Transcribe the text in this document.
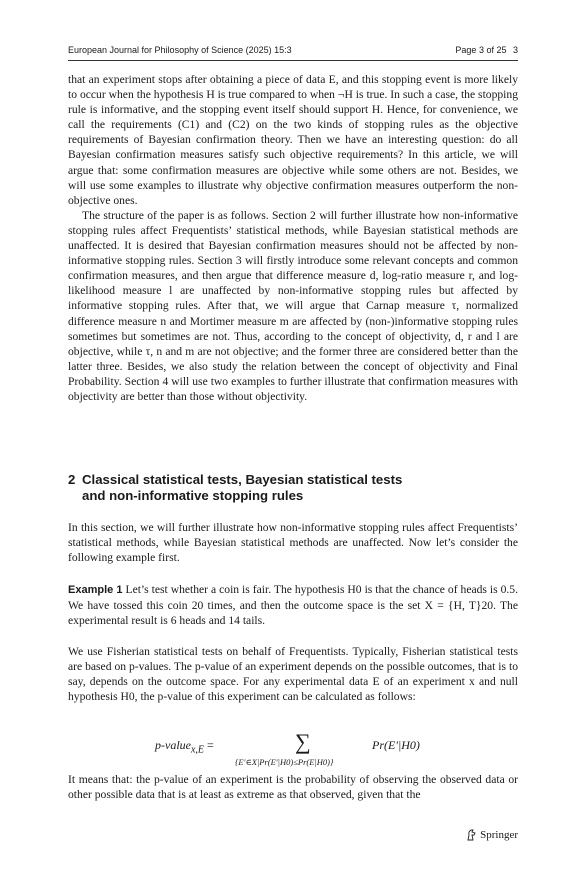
European Journal for Philosophy of Science (2025) 15:3	Page 3 of 25 3

that an experiment stops after obtaining a piece of data E, and this stopping event is more likely to occur when the hypothesis H is true compared to when ¬H is true. In such a case, the stopping rule is informative, and the stopping event itself should support H. Hence, for convenience, we call the requirements (C1) and (C2) on the two kinds of stopping rules as the objective requirements of Bayesian confirmation theory. Then we have an interesting question: do all Bayesian confirmation measures satisfy such objective requirements? In this article, we will argue that: some confirmation measures are objective while some others are not. Besides, we will use some examples to illustrate why objective confirmation measures outperform the non-objective ones.

The structure of the paper is as follows. Section 2 will further illustrate how non-informative stopping rules affect Frequentists’ statistical methods, while Bayesian statistical methods are unaffected. It is desired that Bayesian confirmation measures should not be affected by non-informative stopping rules. Section 3 will firstly introduce some relevant concepts and common confirmation measures, and then argue that difference measure d, log-ratio measure r, and log-likelihood measure l are unaffected by non-informative stopping rules but affected by informative stopping rules. After that, we will argue that Carnap measure τ, normalized difference measure n and Mortimer measure m are affected by (non-)informative stopping rules sometimes but sometimes are not. Thus, according to the concept of objectivity, d, r and l are objective, while τ, n and m are not objective; and the former three are considered better than the latter three. Besides, we also study the relation between the concept of objectivity and Final Probability. Section 4 will use two examples to further illustrate that confirmation measures with objectivity are better than those without objectivity.

2 Classical statistical tests, Bayesian statistical tests
and non-informative stopping rules
In this section, we will further illustrate how non-informative stopping rules affect Frequentists’ statistical methods, while Bayesian statistical methods are unaffected. Now let’s consider the following example first.
Example 1 Let’s test whether a coin is fair. The hypothesis H0 is that the chance of heads is 0.5. We have tossed this coin 20 times, and then the outcome space is the set X = {H, T}20. The experimental result is 6 heads and 14 tails.
We use Fisherian statistical tests on behalf of Frequentists. Typically, Fisherian statistical tests are based on p-values. The p-value of an experiment depends on the possible outcomes, that is to say, depends on the outcome space. For any experimental data E of an experiment x and null hypothesis H0, the p-value of this experiment can be calculated as follows:
p-value$_{x,E}$ =	∑
{E′∈X|Pr(E′|H0)≤Pr(E|H0)}
Pr(E′|H0)
It means that: the p-value of an experiment is the probability of observing the observed data or other possible data that is at least as extreme as that observed, given that the
Springer
